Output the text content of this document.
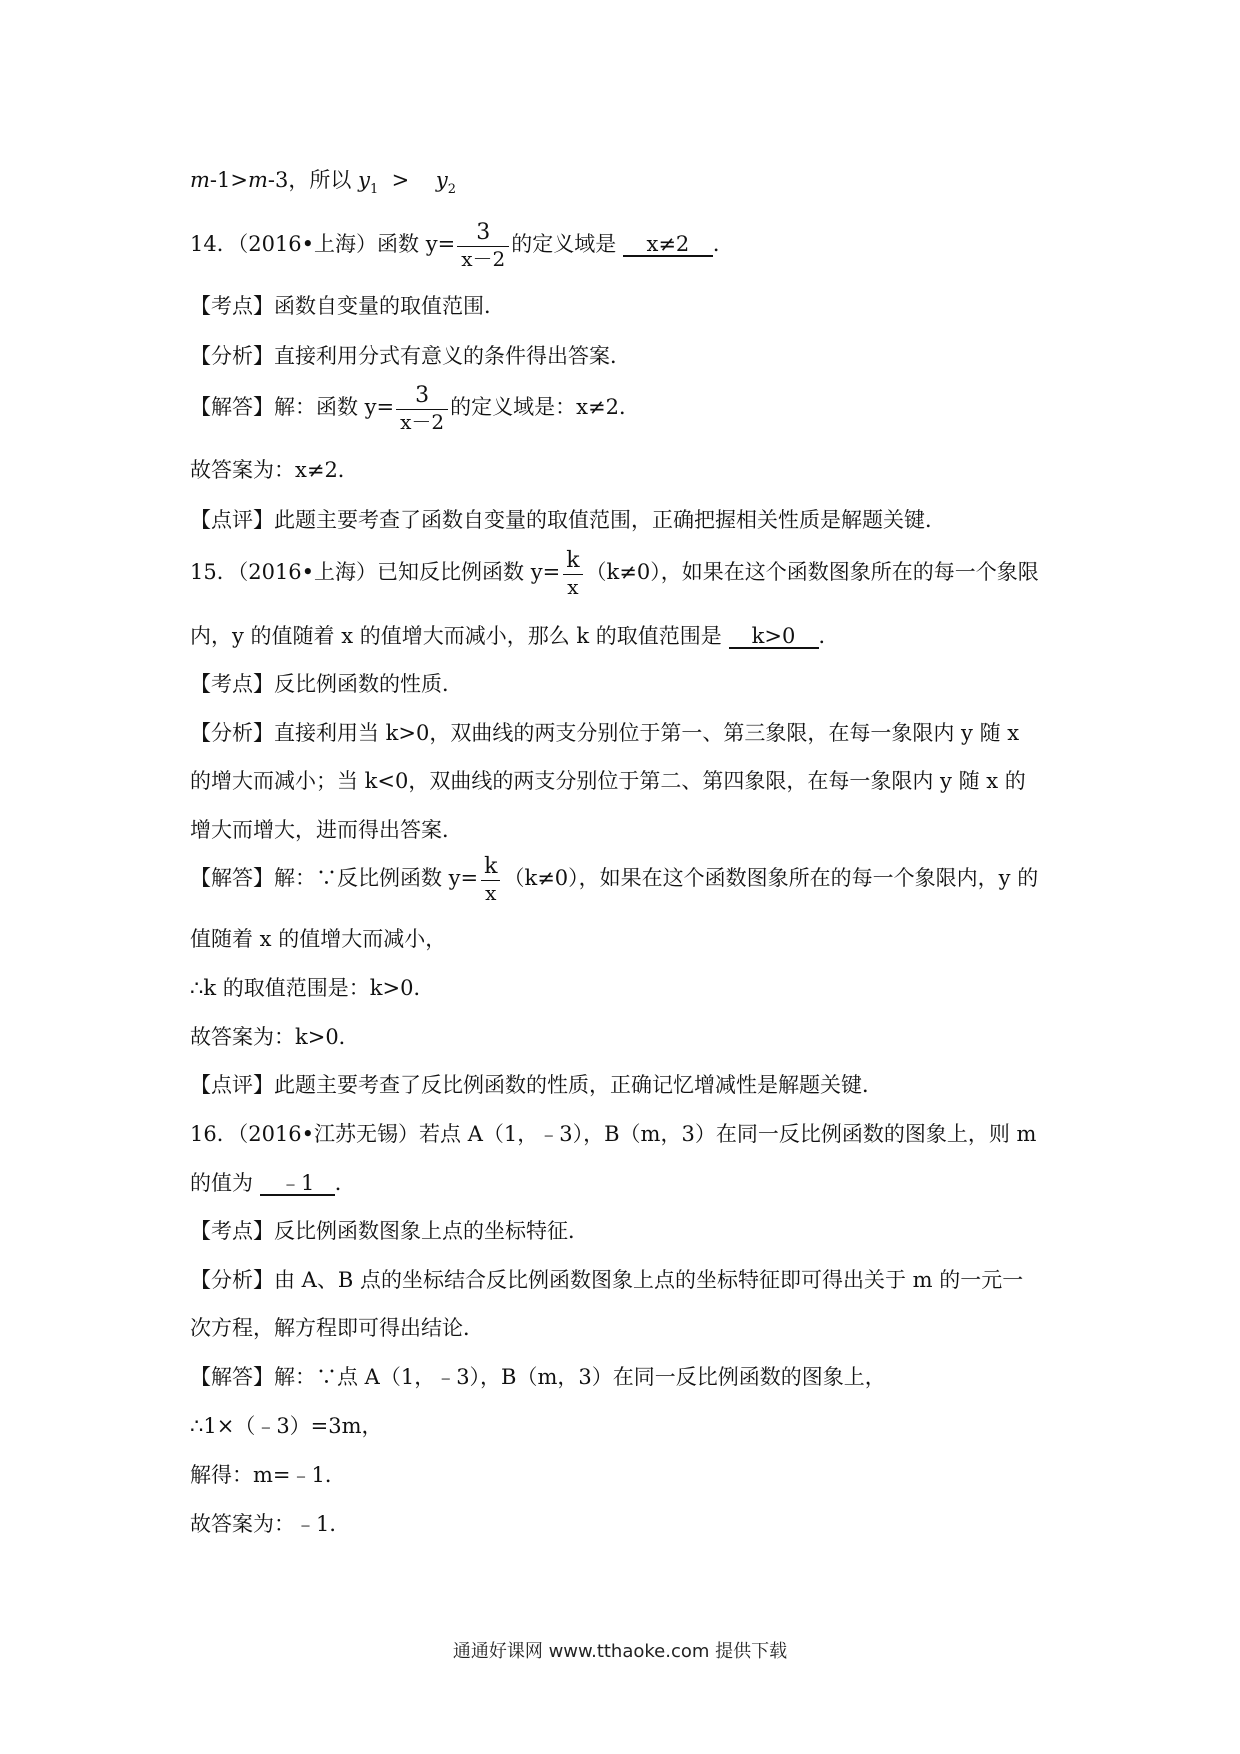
m-1>m-3，所以 $y_1 > y_2$
14．（2016•上海）函数 $y= \frac{3}{x-2}$ 的定义域是 x≠2 ．
【考点】函数自变量的取值范围．
【分析】直接利用分式有意义的条件得出答案．
【解答】解：函数 $y= \frac{3}{x-2}$ 的定义域是：x≠2．
故答案为：x≠2．
【点评】此题主要考查了函数自变量的取值范围，正确把握相关性质是解题关键．
15．（2016•上海）已知反比例函数 $y= \frac{k}{x} (k\ne 0)$，如果在这个函数图象所在的每一个象限
内，y 的值随着 x 的值增大而减小，那么 k 的取值范围是 k>0 ．
【考点】反比例函数的性质．
【分析】直接利用当 k>0，双曲线的两支分别位于第一、第三象限，在每一象限内 y 随 x
的增大而减小；当 k<0，双曲线的两支分别位于第二、第四象限，在每一象限内 y 随 x 的
增大而增大，进而得出答案．
【解答】解：∵反比例函数 $y= \frac{k}{x} (k\ne 0)$，如果在这个函数图象所在的每一个象限内，y 的
值随着 x 的值增大而减小，
∴k 的取值范围是：k>0．
故答案为：k>0．
【点评】此题主要考查了反比例函数的性质，正确记忆增减性是解题关键．
16．（2016•江苏无锡）若点 A（1，﹣3），B（m，3）在同一反比例函数的图象上，则 m
的值为 ﹣1 ．
【考点】反比例函数图象上点的坐标特征．
【分析】由 A、B 点的坐标结合反比例函数图象上点的坐标特征即可得出关于 m 的一元一
次方程，解方程即可得出结论．
【解答】解：∵点 A（1，﹣3），B（m，3）在同一反比例函数的图象上，
∴1×（﹣3）=3m，
解得：m=﹣1．
故答案为：﹣1．
通通好课网 www.tthaoke.com 提供下载
